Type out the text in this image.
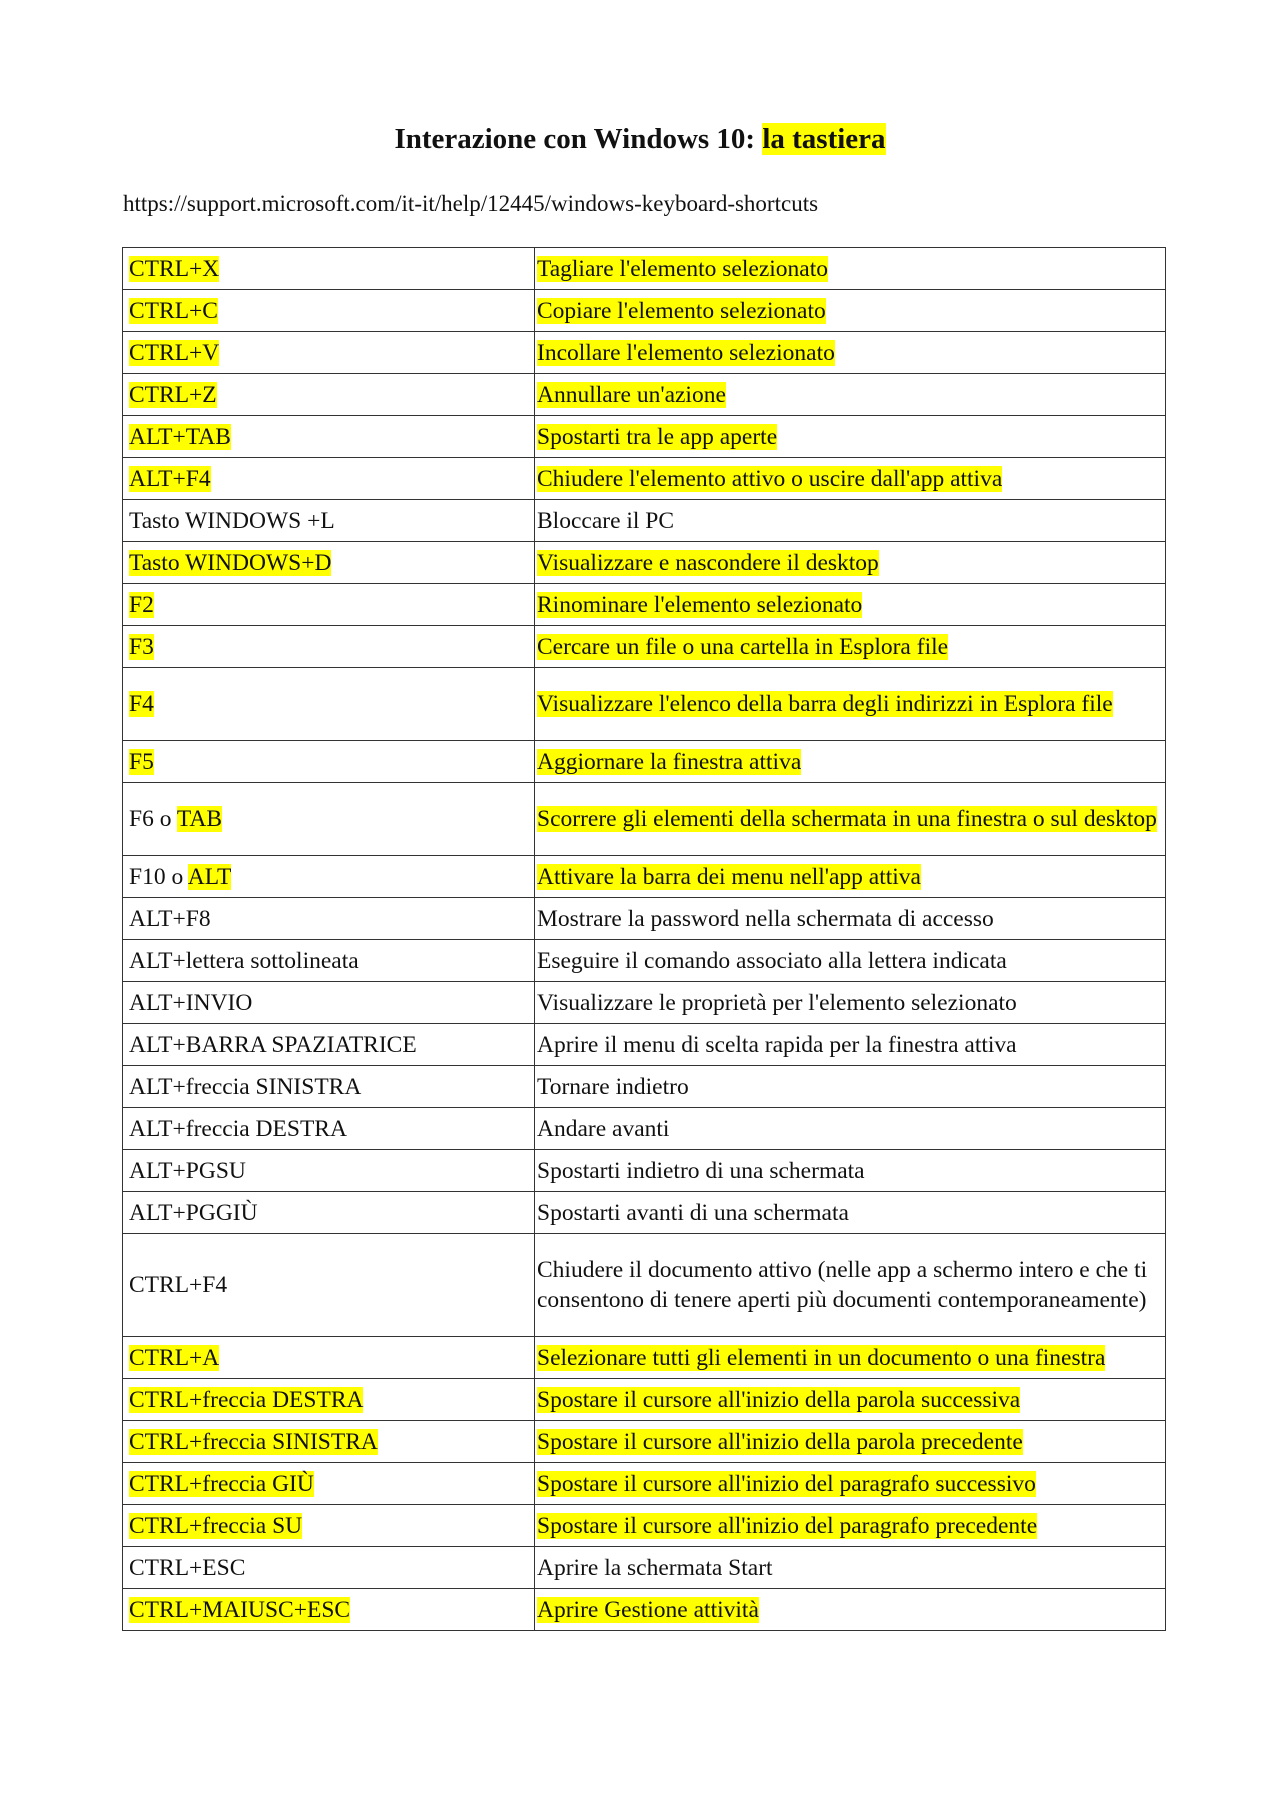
Interazione con Windows 10: la tastiera

https://support.microsoft.com/it-it/help/12445/windows-keyboard-shortcuts

CTRL+X	Tagliare l'elemento selezionato
CTRL+C	Copiare l'elemento selezionato
CTRL+V	Incollare l'elemento selezionato
CTRL+Z	Annullare un'azione
ALT+TAB	Spostarti tra le app aperte
ALT+F4	Chiudere l'elemento attivo o uscire dall'app attiva
Tasto WINDOWS +L	Bloccare il PC
Tasto WINDOWS+D	Visualizzare e nascondere il desktop
F2	Rinominare l'elemento selezionato
F3	Cercare un file o una cartella in Esplora file
F4	Visualizzare l'elenco della barra degli indirizzi in Esplora file
F5	Aggiornare la finestra attiva
F6 o TAB	Scorrere gli elementi della schermata in una finestra o sul desktop
F10 o ALT	Attivare la barra dei menu nell'app attiva
ALT+F8	Mostrare la password nella schermata di accesso
ALT+lettera sottolineata	Eseguire il comando associato alla lettera indicata
ALT+INVIO	Visualizzare le proprietà per l'elemento selezionato
ALT+BARRA SPAZIATRICE	Aprire il menu di scelta rapida per la finestra attiva
ALT+freccia SINISTRA	Tornare indietro
ALT+freccia DESTRA	Andare avanti
ALT+PGSU	Spostarti indietro di una schermata
ALT+PGGIÙ	Spostarti avanti di una schermata
CTRL+F4	Chiudere il documento attivo (nelle app a schermo intero e che ti consentono di tenere aperti più documenti contemporaneamente)
CTRL+A	Selezionare tutti gli elementi in un documento o una finestra
CTRL+freccia DESTRA	Spostare il cursore all'inizio della parola successiva
CTRL+freccia SINISTRA	Spostare il cursore all'inizio della parola precedente
CTRL+freccia GIÙ	Spostare il cursore all'inizio del paragrafo successivo
CTRL+freccia SU	Spostare il cursore all'inizio del paragrafo precedente
CTRL+ESC	Aprire la schermata Start
CTRL+MAIUSC+ESC	Aprire Gestione attività
